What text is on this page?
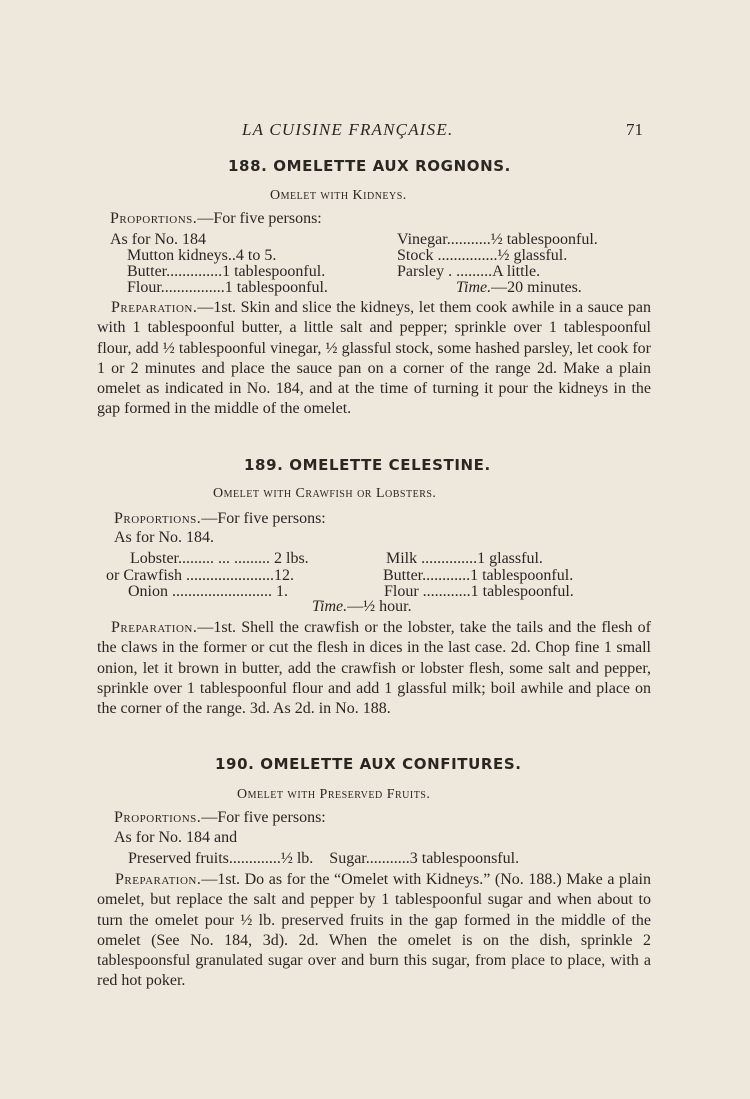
LA CUISINE FRANÇAISE.	71
188. OMELETTE AUX ROGNONS.
Omelet with Kidneys.
Proportions.—For five persons:
As for No. 184
Mutton kidneys..4 to 5.
Butter..............1 tablespoonful.
Flour................1 tablespoonful.
Vinegar...........½ tablespoonful.
Stock ...............½ glassful.
Parsley . .........A little.
Time.—20 minutes.
Preparation.—1st. Skin and slice the kidneys, let them cook awhile in a sauce pan with 1 tablespoonful butter, a little salt and pepper; sprinkle over 1 tablespoonful flour, add ½ tablespoonful vinegar, ½ glassful stock, some hashed parsley, let cook for 1 or 2 minutes and place the sauce pan on a corner of the range 2d. Make a plain omelet as indicated in No. 184, and at the time of turning it pour the kidneys in the gap formed in the middle of the omelet.
189. OMELETTE CELESTINE.
Omelet with Crawfish or Lobsters.
Proportions.—For five persons:
As for No. 184.
Lobster......... ... ......... 2 lbs.
or Crawfish ......................12.
Onion ......................... 1.
Milk ..............1 glassful.
Butter............1 tablespoonful.
Flour ............1 tablespoonful.
Time.—½ hour.
Preparation.—1st. Shell the crawfish or the lobster, take the tails and the flesh of the claws in the former or cut the flesh in dices in the last case. 2d. Chop fine 1 small onion, let it brown in butter, add the crawfish or lobster flesh, some salt and pepper, sprinkle over 1 tablespoonful flour and add 1 glassful milk; boil awhile and place on the corner of the range. 3d. As 2d. in No. 188.
190. OMELETTE AUX CONFITURES.
Omelet with Preserved Fruits.
Proportions.—For five persons:
As for No. 184 and
Preserved fruits.............½ lb.    Sugar...........3 tablespoonsful.
Preparation.—1st. Do as for the “Omelet with Kidneys.” (No. 188.) Make a plain omelet, but replace the salt and pepper by 1 tablespoonful sugar and when about to turn the omelet pour ½ lb. preserved fruits in the gap formed in the middle of the omelet (See No. 184, 3d). 2d. When the omelet is on the dish, sprinkle 2 tablespoonsful granulated sugar over and burn this sugar, from place to place, with a red hot poker.
